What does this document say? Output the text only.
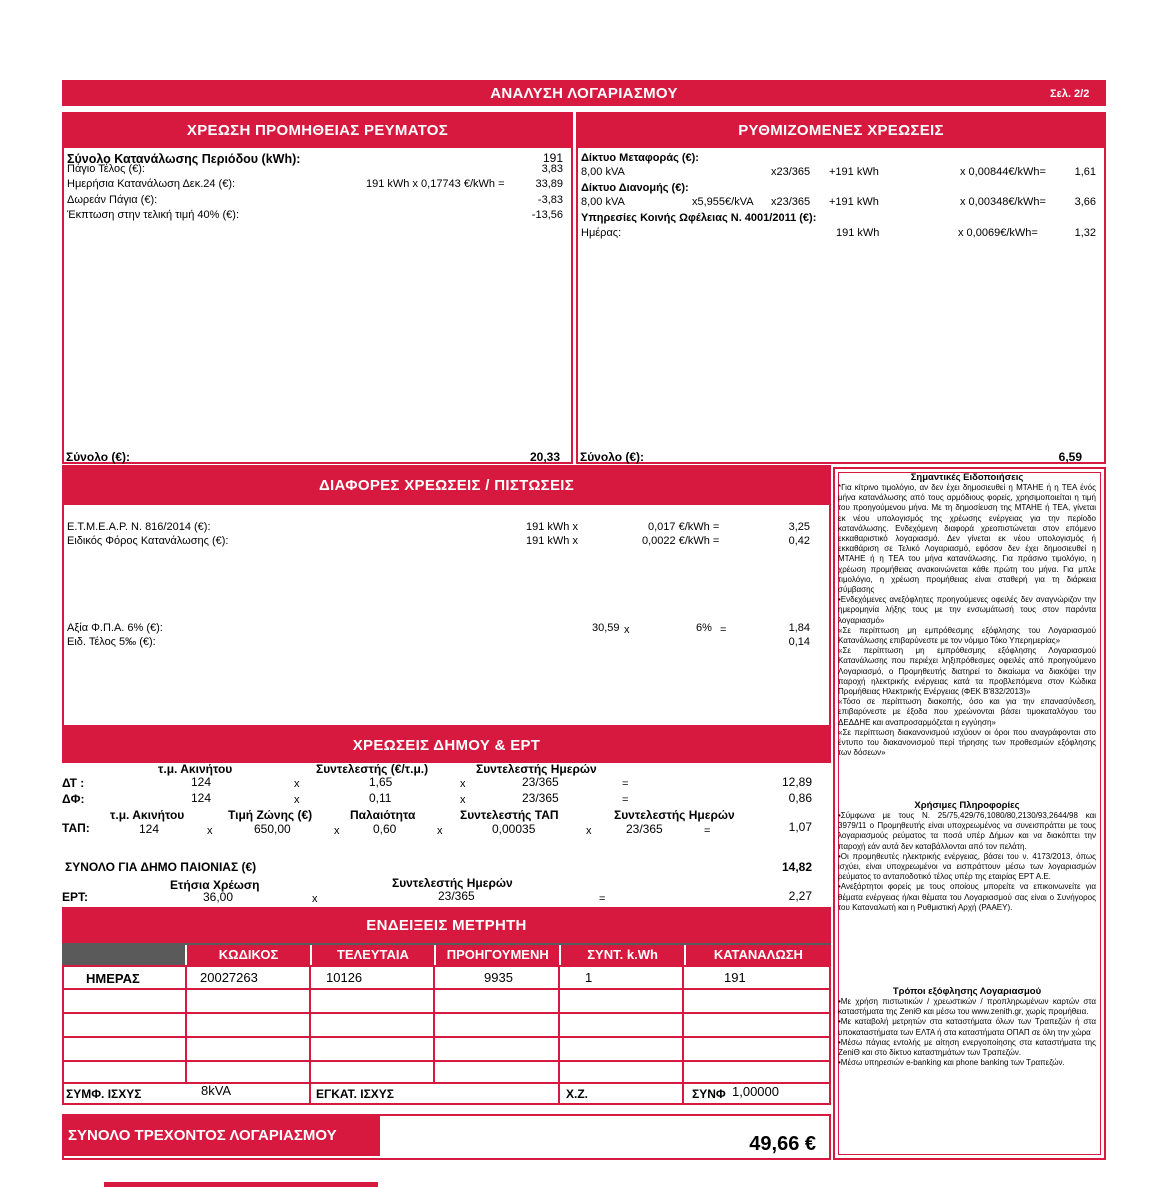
ΑΝΑΛΥΣΗ ΛΟΓΑΡΙΑΣΜΟΥ	Σελ. 2/2
ΧΡΕΩΣΗ ΠΡΟΜΗΘΕΙΑΣ ΡΕΥΜΑΤΟΣ
Σύνολο Κατανάλωσης Περιόδου (kWh):	191
Πάγιο Τέλος (€):	3,83
Ημερήσια Κατανάλωση Δεκ.24 (€):	191 kWh x 0,17743 €/kWh =	33,89
Δωρεάν Πάγια (€):	-3,83
Έκπτωση στην τελική τιμή 40% (€):	-13,56
Σύνολο (€):	20,33
ΡΥΘΜΙΖΟΜΕΝΕΣ ΧΡΕΩΣΕΙΣ
Δίκτυο Μεταφοράς (€):
8,00 kVA	x23/365 +191 kWh	x 0,00844€/kWh=	1,61
Δίκτυο Διανομής (€):
8,00 kVA	x5,955€/kVA x23/365 +191 kWh	x 0,00348€/kWh=	3,66
Υπηρεσίες Κοινής Ωφέλειας Ν. 4001/2011 (€):
Ημέρας:	191 kWh	x 0,0069€/kWh=	1,32
Σύνολο (€):	6,59
ΔΙΑΦΟΡΕΣ ΧΡΕΩΣΕΙΣ / ΠΙΣΤΩΣΕΙΣ
Ε.Τ.Μ.Ε.Α.Ρ. Ν. 816/2014 (€):	191 kWh x	0,017 €/kWh =	3,25
Ειδικός Φόρος Κατανάλωσης (€):	191 kWh x	0,0022 €/kWh =	0,42
Αξία Φ.Π.Α. 6% (€):	30,59 x	6% =	1,84
Ειδ. Τέλος 5‰ (€):	0,14
ΧΡΕΩΣΕΙΣ ΔΗΜΟΥ & ΕΡΤ
τ.μ. Ακινήτου	Συντελεστής (€/τ.μ.)	Συντελεστής Ημερών
ΔΤ :	124	x	1,65	x	23/365	=	12,89
ΔΦ:	124	x	0,11	x	23/365	=	0,86
τ.μ. Ακινήτου	Τιμή Ζώνης (€)	Παλαιότητα	Συντελεστής ΤΑΠ	Συντελεστής Ημερών
ΤΑΠ:	124	x	650,00	x	0,60	x	0,00035	x	23/365	=	1,07
ΣΥΝΟΛΟ ΓΙΑ ΔΗΜΟ ΠΑΙΟΝΙΑΣ (€)	14,82
Ετήσια Χρέωση	Συντελεστής Ημερών
ΕΡΤ:	36,00	x	23/365	=	2,27
ΕΝΔΕΙΞΕΙΣ ΜΕΤΡΗΤΗ
ΚΩΔΙΚΟΣ	ΤΕΛΕΥΤΑΙΑ	ΠΡΟΗΓΟΥΜΕΝΗ	ΣΥΝΤ. k.Wh	ΚΑΤΑΝΑΛΩΣΗ
ΗΜΕΡΑΣ	20027263	10126	9935	1	191
ΣΥΜΦ. ΙΣΧΥΣ	8kVA	ΕΓΚΑΤ. ΙΣΧΥΣ	Χ.Ζ.	ΣΥΝΦ 1,00000
ΣΥΝΟΛΟ ΤΡΕΧΟΝΤΟΣ ΛΟΓΑΡΙΑΣΜΟΥ	49,66 €

Σημαντικές Ειδοποιήσεις

*Για κίτρινο τιμολόγιο, αν δεν έχει δημοσιευθεί η ΜΤΑΗΕ ή η ΤΕΑ ένός μήνα κατανάλωσης από τους αρμόδιους φορείς, χρησιμοποιείται η τιμή του προηγούμενου μήνα. Με τη δημοσίευση της ΜΤΑΗΕ ή ΤΕΑ, γίνεται εκ νέου υπολογισμός της χρέωσης ενέργειας για την περίοδο κατανάλωσης. Ενδεχόμενη διαφορά χρεοπιστώνεται στον επόμενο εκκαθαριστικό λογαριασμό. Δεν γίνεται εκ νέου υπολογισμός ή εκκαθάριση σε Τελικό Λογαριασμό, εφόσον δεν έχει δημοσιευθεί η ΜΤΑΗΕ ή η ΤΕΑ του μήνα κατανάλωσης. Για πράσινο τιμολόγιο, η χρέωση προμήθειας ανακοινώνεται κάθε πρώτη του μήνα. Για μπλε τιμολόγιο, η χρέωση προμήθειας είναι σταθερή για τη διάρκεια σύμβασης

•Ενδεχόμενες ανεξόφλητες προηγούμενες οφειλές δεν αναγνώριζον την ημερομηνία λήξης τους με την ενσωμάτωσή τους στον παρόντα λογαριασμό»

«Σε περίπτωση μη εμπρόθεσμης εξόφλησης του Λογαριασμού Κατανάλωσης επιβαρύνεστε με τον νόμιμο Τόκο Υπερημερίας»

«Σε περίπτωση μη εμπρόθεσμης εξόφλησης Λογαριασμού Κατανάλωσης που περιέχει ληξιπρόθεσμες οφειλές από προηγούμενο Λογαριασμό, ο Προμηθευτής διατηρεί το δικαίωμα να διακόψει την παροχή ηλεκτρικής ενέργειας κατά τα προβλεπόμενα στον Κώδικα Προμήθειας Ηλεκτρικής Ενέργειας (ΦΕΚ Β'832/2013)»

«Τόσο σε περίπτωση διακοπής, όσο και για την επανασύνδεση, επιβαρύνεστε με έξοδα που χρεώνονται βάσει τιμοκαταλόγου του ΔΕΔΔΗΕ και αναπροσαρμόζεται η εγγύηση»

«Σε περίπτωση διακανονισμού ισχύουν οι όροι που αναγράφονται στο έντυπο του διακανονισμού περί τήρησης των προθεσμιών εξόφλησης των δόσεων»

Χρήσιμες Πληροφορίες

•Σύμφωνα με τους Ν. 25/75,429/76,1080/80,2130/93,2644/98 και 3979/11 ο Προμηθευτής είναι υποχρεωμένος να συνεισπράττει με τους λογαριασμούς ρεύματος τα ποσά υπέρ Δήμων και να διακόπτει την παροχή εάν αυτά δεν καταβάλλονται από τον πελάτη.

•Οι προμηθευτές ηλεκτρικής ενέργειας, βάσει του ν. 4173/2013, όπως ισχύει, είναι υποχρεωμένοι να εισπράττουν μέσω των λογαριασμών ρεύματος το ανταποδοτικό τέλος υπέρ της εταιρίας ΕΡΤ Α.Ε.

•Ανεξάρτητοι φορείς με τους οποίους μπορείτε να επικοινωνείτε για θέματα ενέργειας ή/και θέματα του Λογαριασμού σας είναι ο Συνήγορος του Καταναλωτή και η Ρυθμιστική Αρχή (ΡΑΑΕΥ).

Τρόποι εξόφλησης Λογαριασμού

•Με χρήση πιστωτικών / χρεωστικών / προπληρωμένων καρτών στα καταστήματα της ZeniΘ και μέσω του www.zenith.gr, χωρίς προμήθεια.

•Με καταβολή μετρητών στα καταστήματα όλων των Τραπεζών ή στα υποκαταστήματα των ΕΛΤΑ ή στα καταστήματα ΟΠΑΠ σε όλη την χώρα

•Μέσω πάγιας εντολής με αίτηση ενεργοποίησης στα καταστήματα της ZeniΘ και στο δίκτυο καταστημάτων των Τραπεζών.

•Μέσω υπηρεσιών e-banking και phone banking των Τραπεζών.
